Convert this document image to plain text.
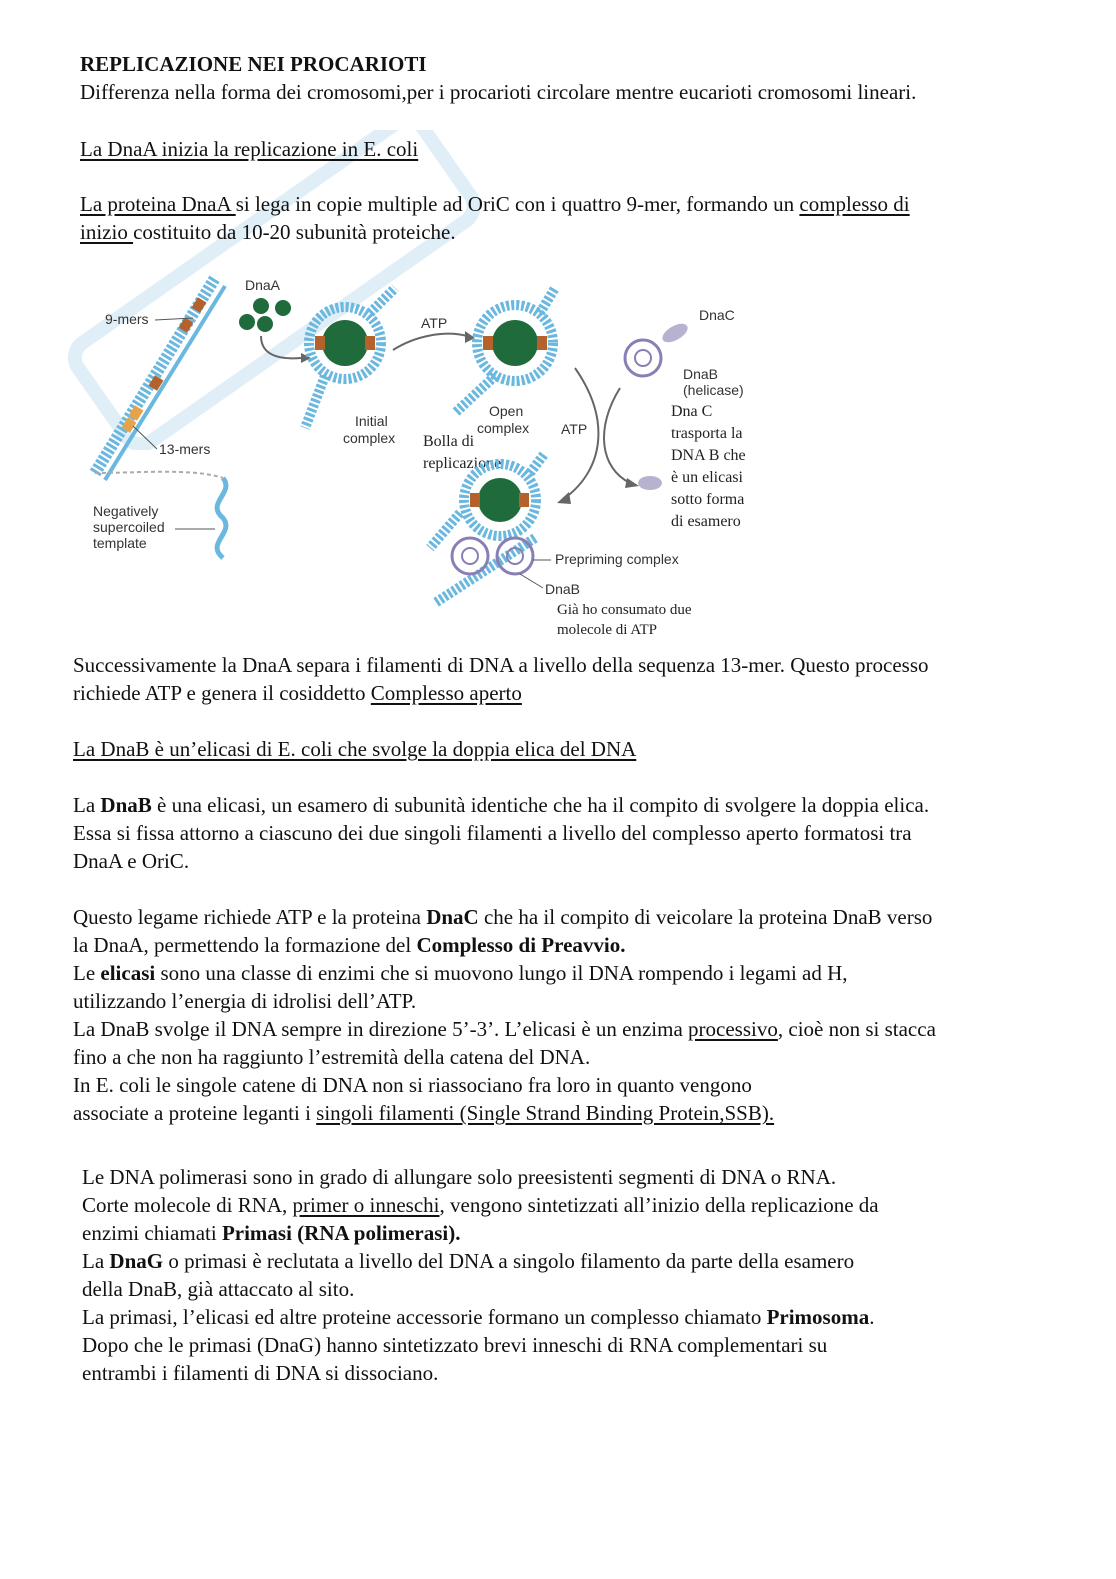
REPLICAZIONE NEI PROCARIOTI
Differenza nella forma dei cromosomi,per i procarioti circolare mentre eucarioti cromosomi lineari.
La DnaA inizia la replicazione in E. coli
La proteina DnaA si lega in copie multiple ad OriC con i quattro 9-mer, formando un complesso di
inizio costituito da 10-20 subunità proteiche.
9-mers
13-mers
Negatively
supercoiled
template
DnaA
Initial
complex
ATP
Open
complex
Bolla di
replicazione
ATP
DnaC
DnaB
(helicase)
Dna C
trasporta la
DNA B che
è un elicasi
sotto forma
di esamero
Prepriming complex
DnaB
Già ho consumato due
molecole di ATP
Successivamente la DnaA separa i filamenti di DNA a livello della sequenza 13-mer. Questo processo
richiede ATP e genera il cosiddetto Complesso aperto
La DnaB è un’elicasi di E. coli che svolge la doppia elica del DNA
La DnaB è una elicasi, un esamero di subunità identiche che ha il compito di svolgere la doppia elica.
Essa si fissa attorno a ciascuno dei due singoli filamenti a livello del complesso aperto formatosi tra
DnaA e OriC.
Questo legame richiede ATP e la proteina DnaC che ha il compito di veicolare la proteina DnaB verso
la DnaA, permettendo la formazione del Complesso di Preavvio.
Le elicasi sono una classe di enzimi che si muovono lungo il DNA rompendo i legami ad H,
utilizzando l’energia di idrolisi dell’ATP.
La DnaB svolge il DNA sempre in direzione 5’-3’. L’elicasi è un enzima processivo, cioè non si stacca
fino a che non ha raggiunto l’estremità della catena del DNA.
In E. coli le singole catene di DNA non si riassociano fra loro in quanto vengono
associate a proteine leganti i singoli filamenti (Single Strand Binding Protein,SSB).
Le DNA polimerasi sono in grado di allungare solo preesistenti segmenti di DNA o RNA.
Corte molecole di RNA, primer o inneschi, vengono sintetizzati all’inizio della replicazione da
enzimi chiamati Primasi (RNA polimerasi).
La DnaG o primasi è reclutata a livello del DNA a singolo filamento da parte della esamero
della DnaB, già attaccato al sito.
La primasi, l’elicasi ed altre proteine accessorie formano un complesso chiamato Primosoma.
Dopo che le primasi (DnaG) hanno sintetizzato brevi inneschi di RNA complementari su
entrambi i filamenti di DNA si dissociano.
